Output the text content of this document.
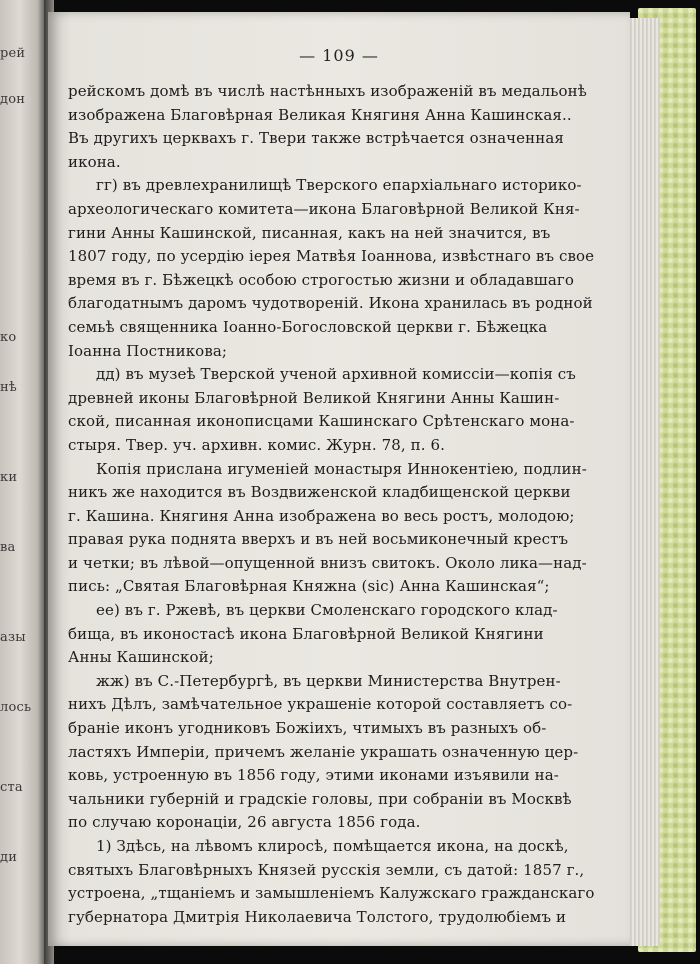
рей
дон
ко
нѣ
ки
ва
азы
лось
ста
ди
— 109 —
рейскомъ домѣ въ числѣ настѣнныхъ изображеній въ медальонѣ
изображена Благовѣрная Великая Княгиня Анна Кашинская..
Въ другихъ церквахъ г. Твери также встрѣчается означенная
икона.
гг) въ древлехранилищѣ Тверского епархіальнаго историко-
археологическаго комитета—икона Благовѣрной Великой Кня-
гини Анны Кашинской, писанная, какъ на ней значится, въ
1807 году, по усердію іерея Матвѣя Іоаннова, извѣстнаго въ свое
время въ г. Бѣжецкѣ особою строгостью жизни и обладавшаго
благодатнымъ даромъ чудотвореній. Икона хранилась въ родной
семьѣ священника Іоанно-Богословской церкви г. Бѣжецка
Іоанна Постникова;
дд) въ музеѣ Тверской ученой архивной комиссіи—копія съ
древней иконы Благовѣрной Великой Княгини Анны Кашин-
ской, писанная иконописцами Кашинскаго Срѣтенскаго мона-
стыря. Твер. уч. архивн. комис. Журн. 78, п. 6.
Копія прислана игуменіей монастыря Иннокентіею, подлин-
никъ же находится въ Воздвиженской кладбищенской церкви
г. Кашина. Княгиня Анна изображена во весь ростъ, молодою;
правая рука поднята вверхъ и въ ней восьмиконечный крестъ
и четки; въ лѣвой—опущенной внизъ свитокъ. Около лика—над-
пись: „Святая Благовѣрная Княжна (sic) Анна Кашинская“;
ее) въ г. Ржевѣ, въ церкви Смоленскаго городского клад-
бища, въ иконостасѣ икона Благовѣрной Великой Княгини
Анны Кашинской;
жж) въ С.-Петербургѣ, въ церкви Министерства Внутрен-
нихъ Дѣлъ, замѣчательное украшеніе которой составляетъ со-
браніе иконъ угодниковъ Божіихъ, чтимыхъ въ разныхъ об-
ластяхъ Имперіи, причемъ желаніе украшать означенную цер-
ковь, устроенную въ 1856 году, этими иконами изъявили на-
чальники губерній и градскіе головы, при собраніи въ Москвѣ
по случаю коронаціи, 26 августа 1856 года.
1) Здѣсь, на лѣвомъ клиросѣ, помѣщается икона, на доскѣ,
святыхъ Благовѣрныхъ Князей русскія земли, съ датой: 1857 г.,
устроена, „тщаніемъ и замышленіемъ Калужскаго гражданскаго
губернатора Дмитрія Николаевича Толстого, трудолюбіемъ и
